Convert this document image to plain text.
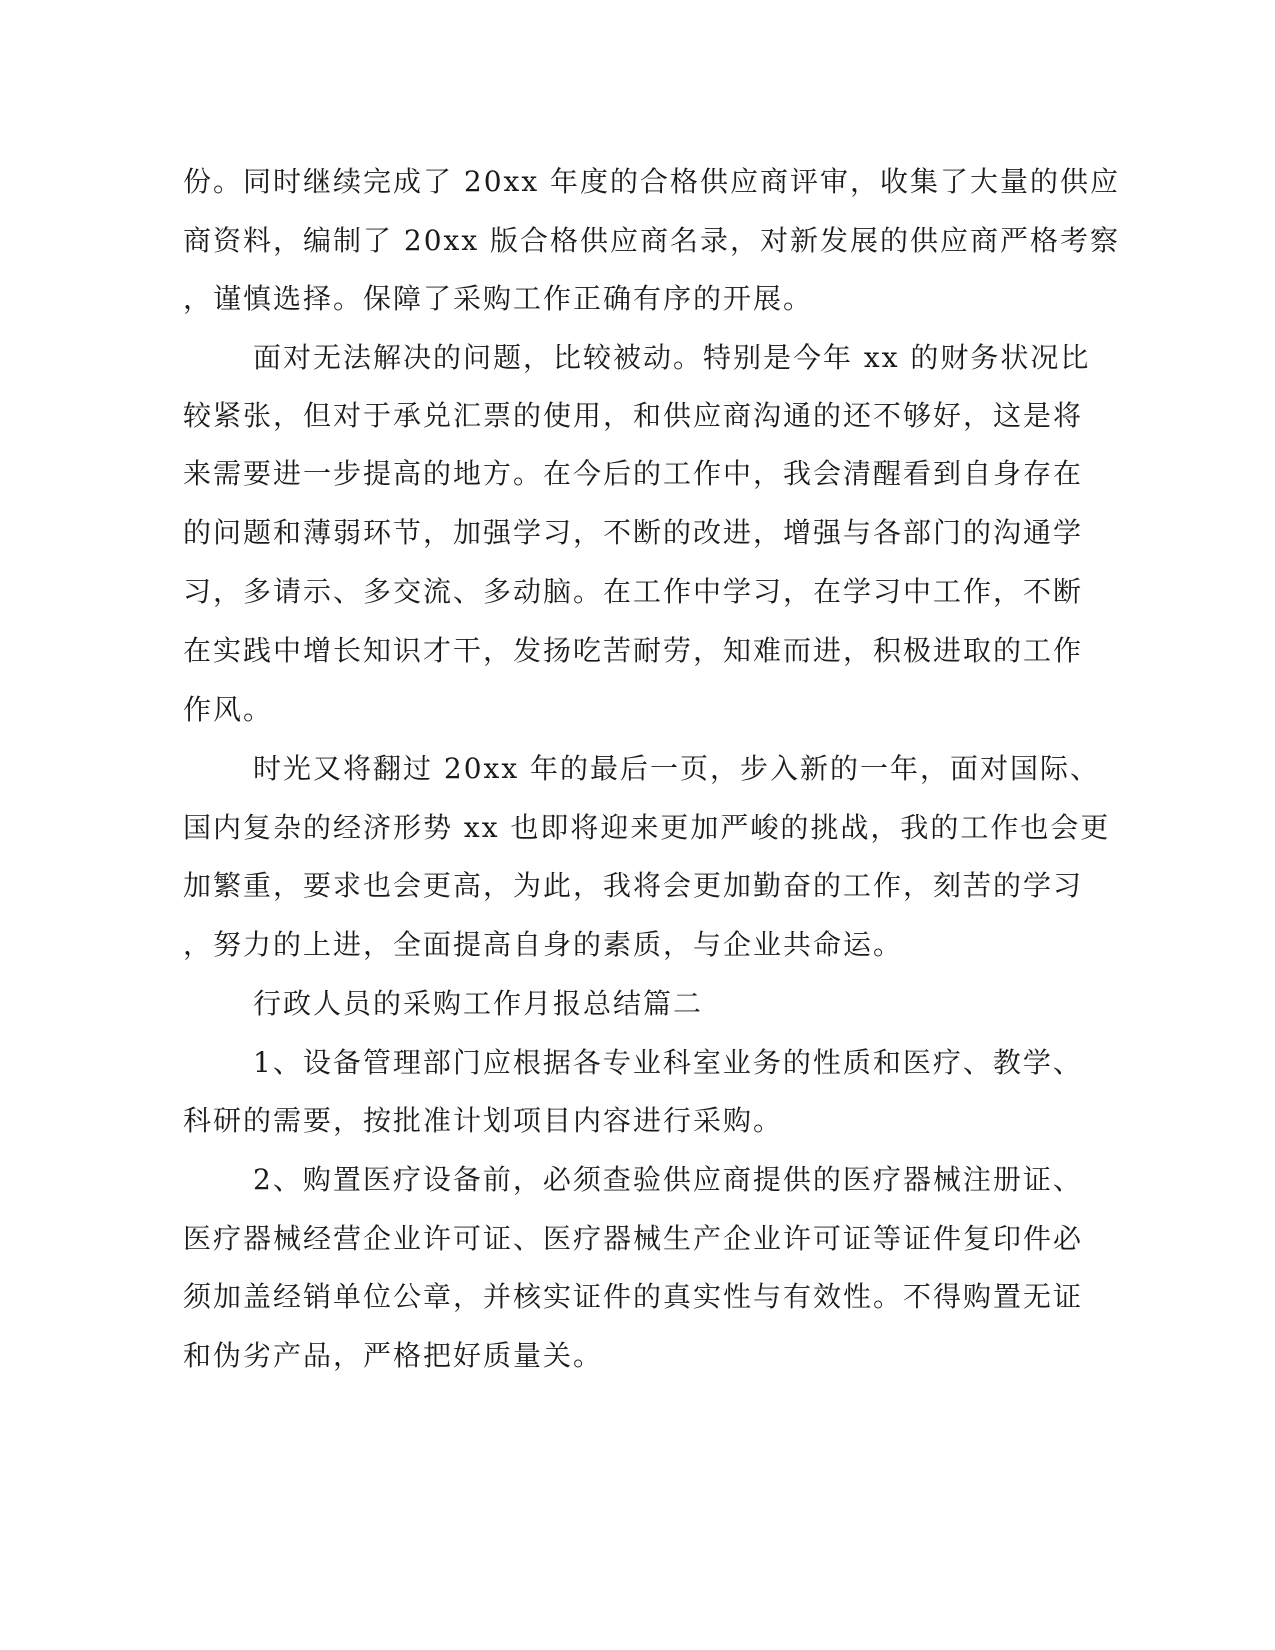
份。同时继续完成了 20xx 年度的合格供应商评审，收集了大量的供应
商资料，编制了 20xx 版合格供应商名录，对新发展的供应商严格考察
，谨慎选择。保障了采购工作正确有序的开展。
面对无法解决的问题，比较被动。特别是今年 xx 的财务状况比
较紧张，但对于承兑汇票的使用，和供应商沟通的还不够好，这是将
来需要进一步提高的地方。在今后的工作中，我会清醒看到自身存在
的问题和薄弱环节，加强学习，不断的改进，增强与各部门的沟通学
习，多请示、多交流、多动脑。在工作中学习，在学习中工作，不断
在实践中增长知识才干，发扬吃苦耐劳，知难而进，积极进取的工作
作风。
时光又将翻过 20xx 年的最后一页，步入新的一年，面对国际、
国内复杂的经济形势 xx 也即将迎来更加严峻的挑战，我的工作也会更
加繁重，要求也会更高，为此，我将会更加勤奋的工作，刻苦的学习
，努力的上进，全面提高自身的素质，与企业共命运。
行政人员的采购工作月报总结篇二
1、设备管理部门应根据各专业科室业务的性质和医疗、教学、
科研的需要，按批准计划项目内容进行采购。
2、购置医疗设备前，必须查验供应商提供的医疗器械注册证、
医疗器械经营企业许可证、医疗器械生产企业许可证等证件复印件必
须加盖经销单位公章，并核实证件的真实性与有效性。不得购置无证
和伪劣产品，严格把好质量关。
